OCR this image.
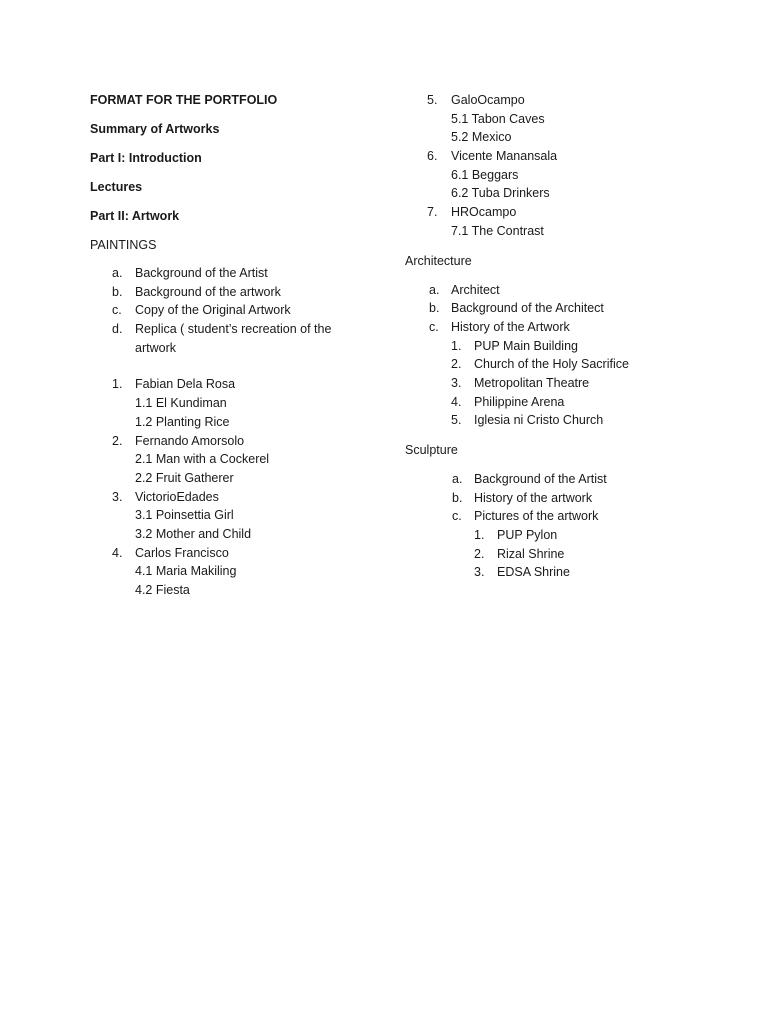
FORMAT FOR THE PORTFOLIO
Summary of Artworks
Part I: Introduction
Lectures
Part II: Artwork
PAINTINGS
a. Background of the Artist
b. Background of the artwork
c. Copy of the Original Artwork
d. Replica ( student’s recreation of the artwork
1. Fabian Dela Rosa
1.1 El Kundiman
1.2 Planting Rice
2. Fernando Amorsolo
2.1 Man with a Cockerel
2.2 Fruit Gatherer
3. VictorioEdades
3.1 Poinsettia Girl
3.2 Mother and Child
4. Carlos Francisco
4.1 Maria Makiling
4.2 Fiesta
5. GaloOcampo
5.1 Tabon Caves
5.2 Mexico
6. Vicente Manansala
6.1 Beggars
6.2 Tuba Drinkers
7. HROcampo
7.1 The Contrast
Architecture
a. Architect
b. Background of the Architect
c. History of the Artwork
1. PUP Main Building
2. Church of the Holy Sacrifice
3. Metropolitan Theatre
4. Philippine Arena
5. Iglesia ni Cristo Church
Sculpture
a. Background of the Artist
b. History of the artwork
c. Pictures of the artwork
1. PUP Pylon
2. Rizal Shrine
3. EDSA Shrine
